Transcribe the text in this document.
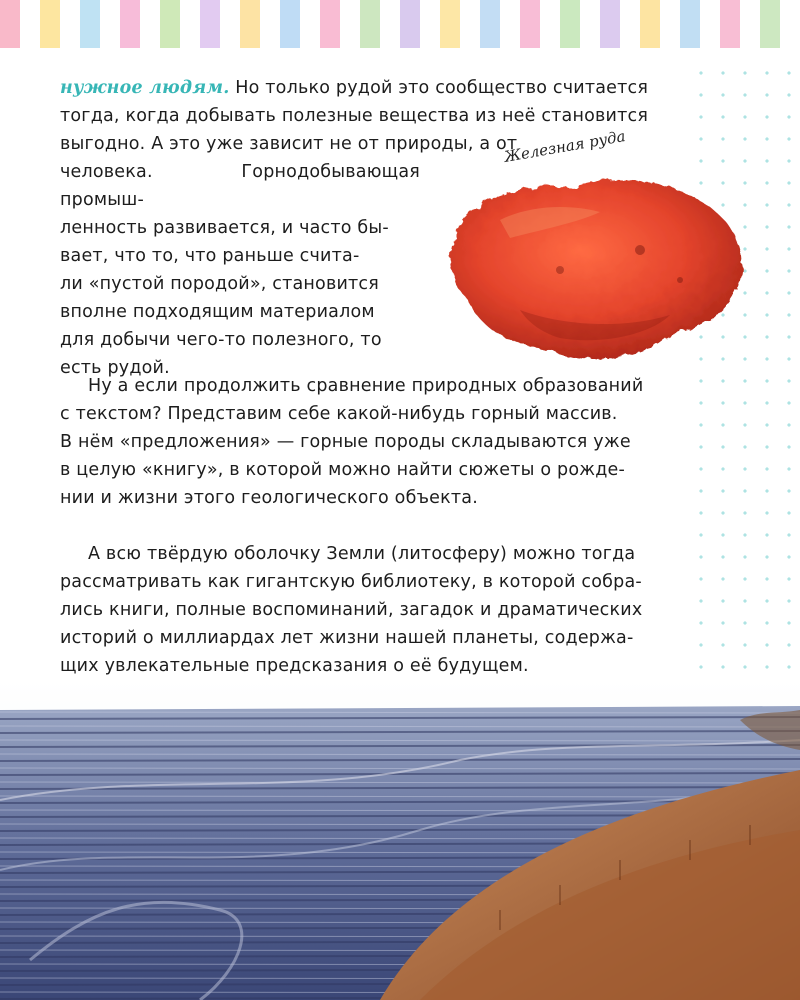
нужное людям. Но только рудой это сообщество считается

тогда, когда добывать полезные вещества из неё становится

выгодно. А это уже зависит не от природы, а от

человека. Горнодобывающая промыш-

ленность развивается, и часто бы-

вает, что то, что раньше счита-

ли «пустой породой», становится

вполне подходящим материалом

для добычи чего-то полезного, то

есть рудой.

Железная руда

Ну а если продолжить сравнение природных образований

с текстом? Представим себе какой-нибудь горный массив.

В нём «предложения» — горные породы складываются уже

в целую «книгу», в которой можно найти сюжеты о рожде-

нии и жизни этого геологического объекта.

А всю твёрдую оболочку Земли (литосферу) можно тогда

рассматривать как гигантскую библиотеку, в которой собра-

лись книги, полные воспоминаний, загадок и драматических

историй о миллиардах лет жизни нашей планеты, содержа-

щих увлекательные предсказания о её будущем.
